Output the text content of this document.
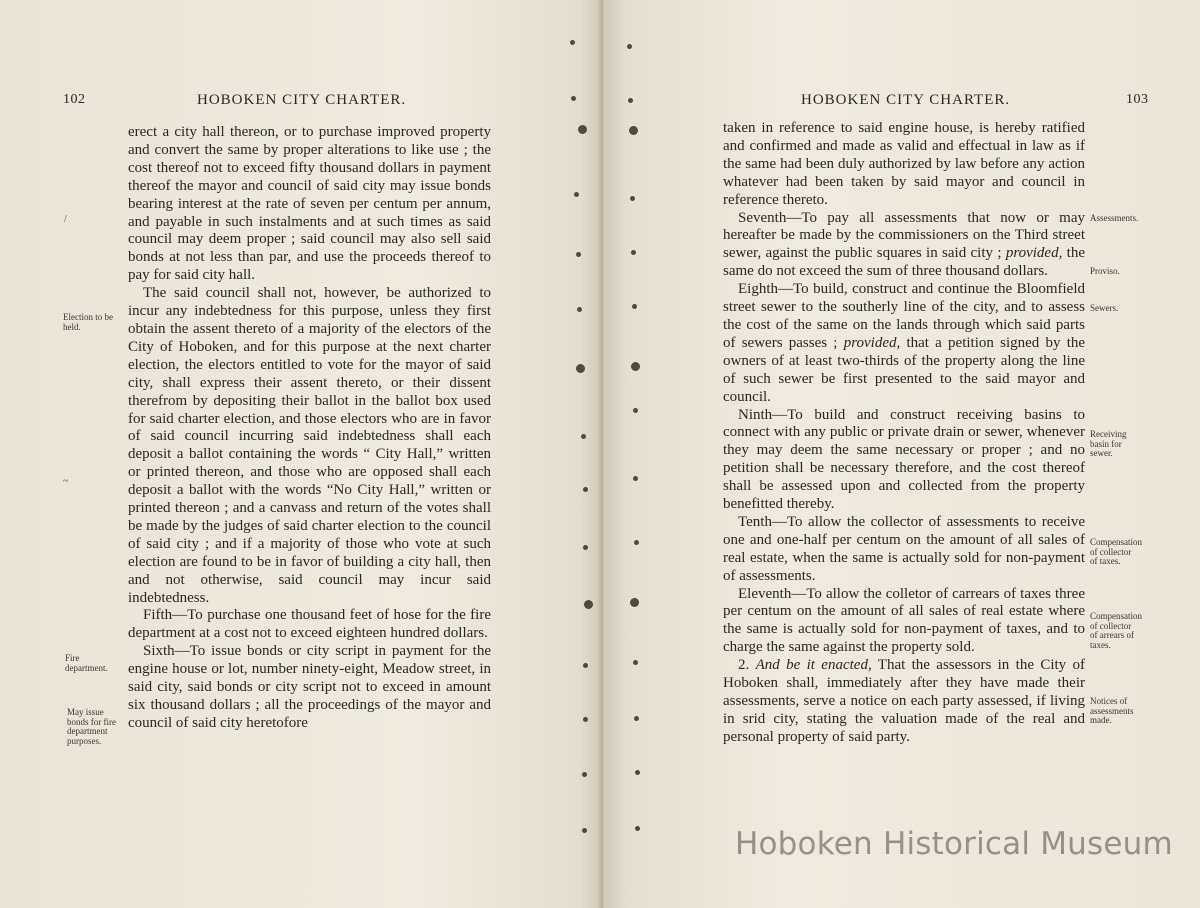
102	HOBOKEN CITY CHARTER.

erect a city hall thereon, or to purchase improved property and convert the same by proper alterations to like use ; the cost thereof not to exceed fifty thousand dollars in payment thereof the mayor and council of said city may issue bonds bearing interest at the rate of seven per centum per annum, and payable in such instalments and at such times as said council may deem proper ; said council may also sell said bonds at not less than par, and use the proceeds thereof to pay for said city hall.

The said council shall not, however, be authorized to incur any indebtedness for this purpose, unless they first obtain the assent thereto of a majority of the electors of the City of Hoboken, and for this purpose at the next charter election, the electors entitled to vote for the mayor of said city, shall express their assent thereto, or their dissent therefrom by depositing their ballot in the ballot box used for said charter election, and those electors who are in favor of said council incurring said indebtedness shall each deposit a ballot containing the words “ City Hall,” written or printed thereon, and those who are opposed shall each deposit a ballot with the words “No City Hall,” written or printed thereon ; and a canvass and return of the votes shall be made by the judges of said charter election to the council of said city ; and if a majority of those who vote at such election are found to be in favor of building a city hall, then and not otherwise, said council may incur said indebtedness.

Fifth—To purchase one thousand feet of hose for the fire department at a cost not to exceed eighteen hundred dollars.

Sixth—To issue bonds or city script in payment for the engine house or lot, number ninety-eight, Meadow street, in said city, said bonds or city script not to exceed in amount six thousand dollars ; all the proceedings of the mayor and council of said city heretofore

Election to be held.
Fire department.
May issue bonds for fire department purposes.
/
~
HOBOKEN CITY CHARTER.	103

taken in reference to said engine house, is hereby ratified and confirmed and made as valid and effectual in law as if the same had been duly authorized by law before any action whatever had been taken by said mayor and council in reference thereto.

Seventh—To pay all assessments that now or may hereafter be made by the commissioners on the Third street sewer, against the public squares in said city ; provided, the same do not exceed the sum of three thousand dollars.

Eighth—To build, construct and continue the Bloomfield street sewer to the southerly line of the city, and to assess the cost of the same on the lands through which said parts of sewers passes ; provided, that a petition signed by the owners of at least two-thirds of the property along the line of such sewer be first presented to the said mayor and council.

Ninth—To build and construct receiving basins to connect with any public or private drain or sewer, whenever they may deem the same necessary or proper ; and no petition shall be necessary therefore, and the cost thereof shall be assessed upon and collected from the property benefitted thereby.

Tenth—To allow the collector of assessments to receive one and one-half per centum on the amount of all sales of real estate, when the same is actually sold for non-payment of assessments.

Eleventh—To allow the colletor of carrears of taxes three per centum on the amount of all sales of real estate where the same is actually sold for non-payment of taxes, and to charge the same against the property sold.

2. And be it enacted, That the assessors in the City of Hoboken shall, immediately after they have made their assessments, serve a notice on each party assessed, if living in srid city, stating the valuation made of the real and personal property of said party.

Assessments.
Proviso.
Sewers.
Receiving basin for sewer.
Compensation of collector of taxes.
Compensation of collector of arrears of taxes.
Notices of assessments made.
Hoboken Historical Museum
